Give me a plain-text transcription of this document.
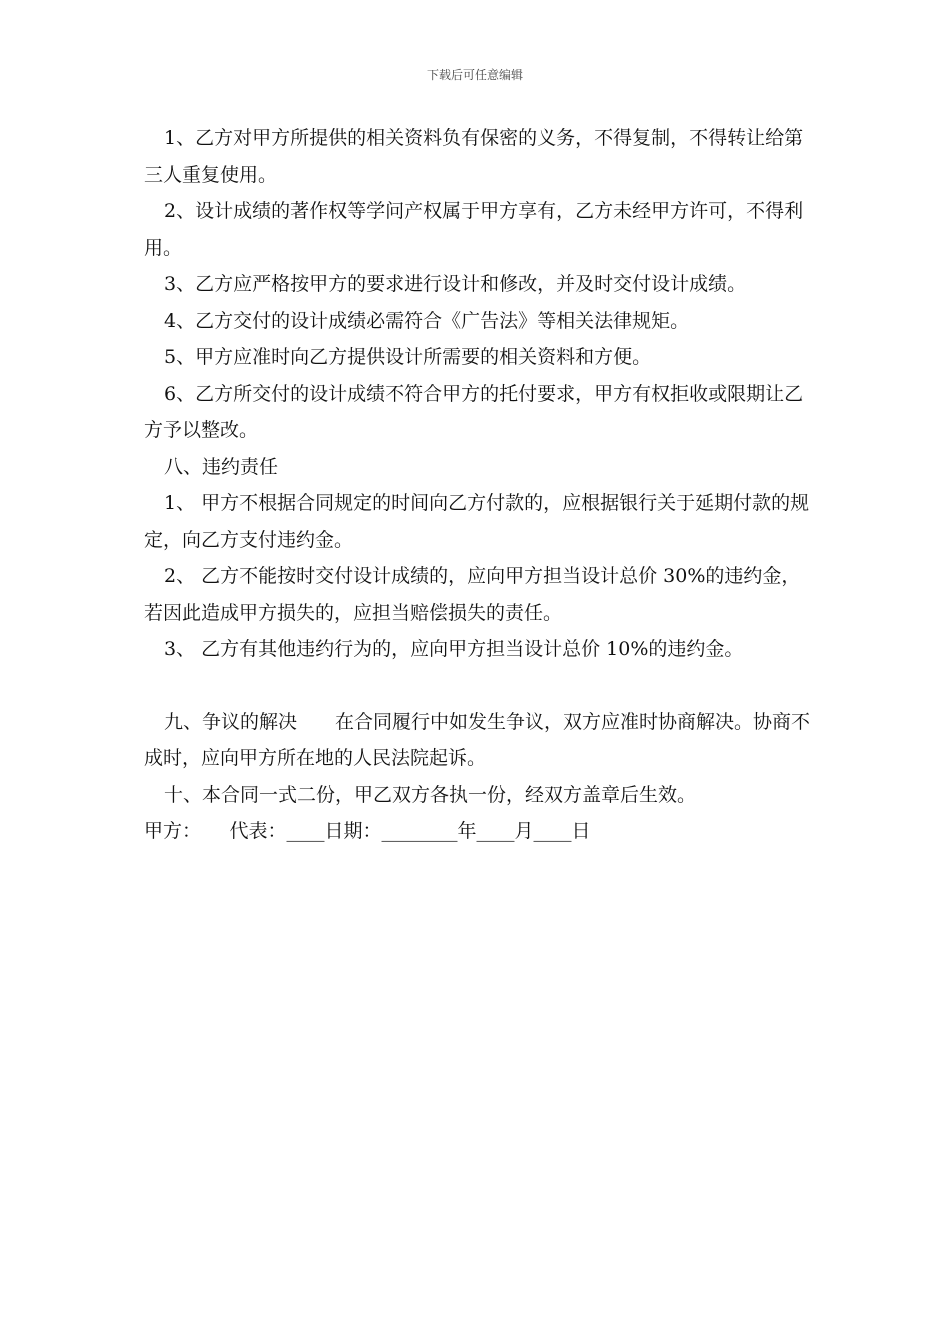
下载后可任意编辑

1、乙方对甲方所提供的相关资料负有保密的义务，不得复制，不得转让给第三人重复使用。

2、设计成绩的著作权等学问产权属于甲方享有，乙方未经甲方许可，不得利用。

3、乙方应严格按甲方的要求进行设计和修改，并及时交付设计成绩。

4、乙方交付的设计成绩必需符合《广告法》等相关法律规矩。

5、甲方应准时向乙方提供设计所需要的相关资料和方便。

6、乙方所交付的设计成绩不符合甲方的托付要求，甲方有权拒收或限期让乙方予以整改。

八、违约责任

1、 甲方不根据合同规定的时间向乙方付款的，应根据银行关于延期付款的规定，向乙方支付违约金。

2、 乙方不能按时交付设计成绩的，应向甲方担当设计总价 30%的违约金，若因此造成甲方损失的，应担当赔偿损失的责任。

3、 乙方有其他违约行为的，应向甲方担当设计总价 10%的违约金。

九、争议的解决　　在合同履行中如发生争议，双方应准时协商解决。协商不成时，应向甲方所在地的人民法院起诉。

十、本合同一式二份，甲乙双方各执一份，经双方盖章后生效。

甲方：　　代表：____日期：________年____月____日
